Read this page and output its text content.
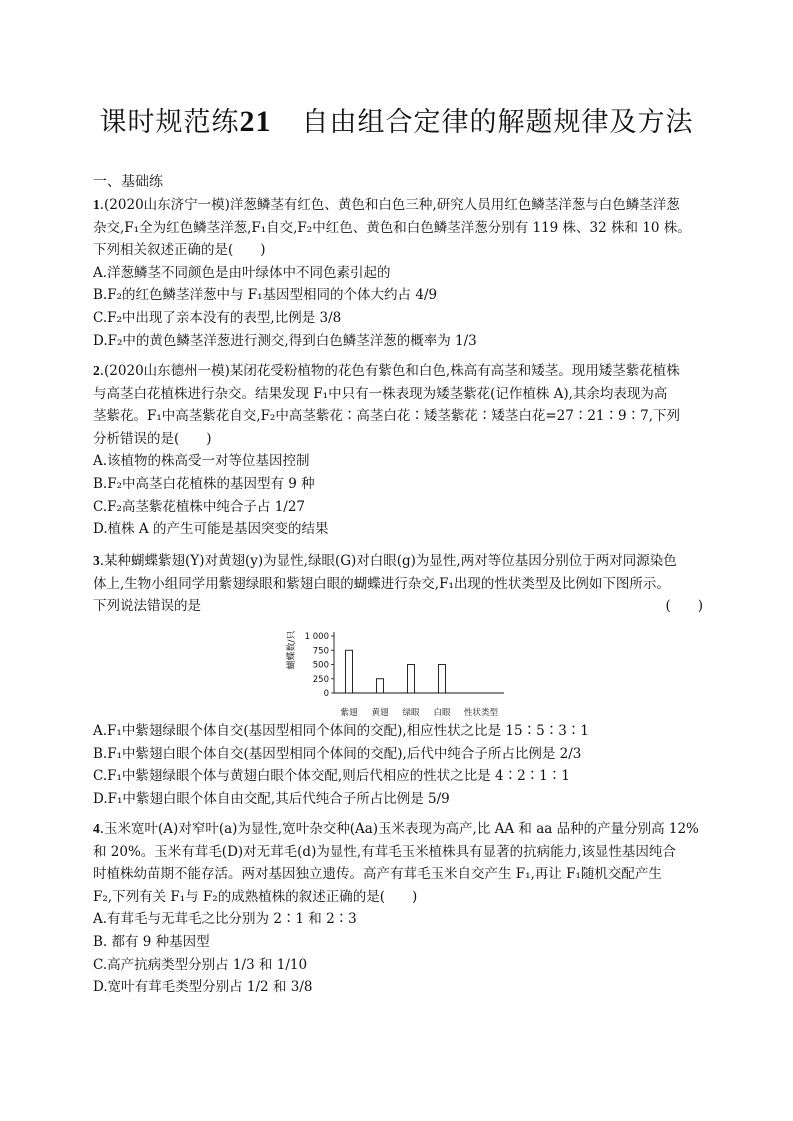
课时规范练21 自由组合定律的解题规律及方法
一、基础练

1.(2020山东济宁一模)洋葱鳞茎有红色、黄色和白色三种,研究人员用红色鳞茎洋葱与白色鳞茎洋葱

杂交,F₁全为红色鳞茎洋葱,F₁自交,F₂中红色、黄色和白色鳞茎洋葱分别有 119 株、32 株和 10 株。

下列相关叙述正确的是(　　)

A.洋葱鳞茎不同颜色是由叶绿体中不同色素引起的

B.F₂的红色鳞茎洋葱中与 F₁基因型相同的个体大约占 4/9

C.F₂中出现了亲本没有的表型,比例是 3/8

D.F₂中的黄色鳞茎洋葱进行测交,得到白色鳞茎洋葱的概率为 1/3

2.(2020山东德州一模)某闭花受粉植物的花色有紫色和白色,株高有高茎和矮茎。现用矮茎紫花植株

与高茎白花植株进行杂交。结果发现 F₁中只有一株表现为矮茎紫花(记作植株 A),其余均表现为高

茎紫花。F₁中高茎紫花自交,F₂中高茎紫花∶高茎白花∶矮茎紫花∶矮茎白花=27∶21∶9∶7,下列

分析错误的是(　　)

A.该植物的株高受一对等位基因控制

B.F₂中高茎白花植株的基因型有 9 种

C.F₂高茎紫花植株中纯合子占 1/27

D.植株 A 的产生可能是基因突变的结果

3.某种蝴蝶紫翅(Y)对黄翅(y)为显性,绿眼(G)对白眼(g)为显性,两对等位基因分别位于两对同源染色

体上,生物小组同学用紫翅绿眼和紫翅白眼的蝴蝶进行杂交,F₁出现的性状类型及比例如下图所示。

下列说法错误的是	(　　)

蝴蝶数/只 1 000
750
500
250
0
紫翅 黄翅 绿眼 白眼 性状类型

A.F₁中紫翅绿眼个体自交(基因型相同个体间的交配),相应性状之比是 15∶5∶3∶1

B.F₁中紫翅白眼个体自交(基因型相同个体间的交配),后代中纯合子所占比例是 2/3

C.F₁中紫翅绿眼个体与黄翅白眼个体交配,则后代相应的性状之比是 4∶2∶1∶1

D.F₁中紫翅白眼个体自由交配,其后代纯合子所占比例是 5/9

4.玉米宽叶(A)对窄叶(a)为显性,宽叶杂交种(Aa)玉米表现为高产,比 AA 和 aa 品种的产量分别高 12%

和 20%。玉米有茸毛(D)对无茸毛(d)为显性,有茸毛玉米植株具有显著的抗病能力,该显性基因纯合

时植株幼苗期不能存活。两对基因独立遗传。高产有茸毛玉米自交产生 F₁,再让 F₁随机交配产生

F₂,下列有关 F₁与 F₂的成熟植株的叙述正确的是(　　)

A.有茸毛与无茸毛之比分别为 2∶1 和 2∶3

B. 都有 9 种基因型

C.高产抗病类型分别占 1/3 和 1/10

D.宽叶有茸毛类型分别占 1/2 和 3/8
